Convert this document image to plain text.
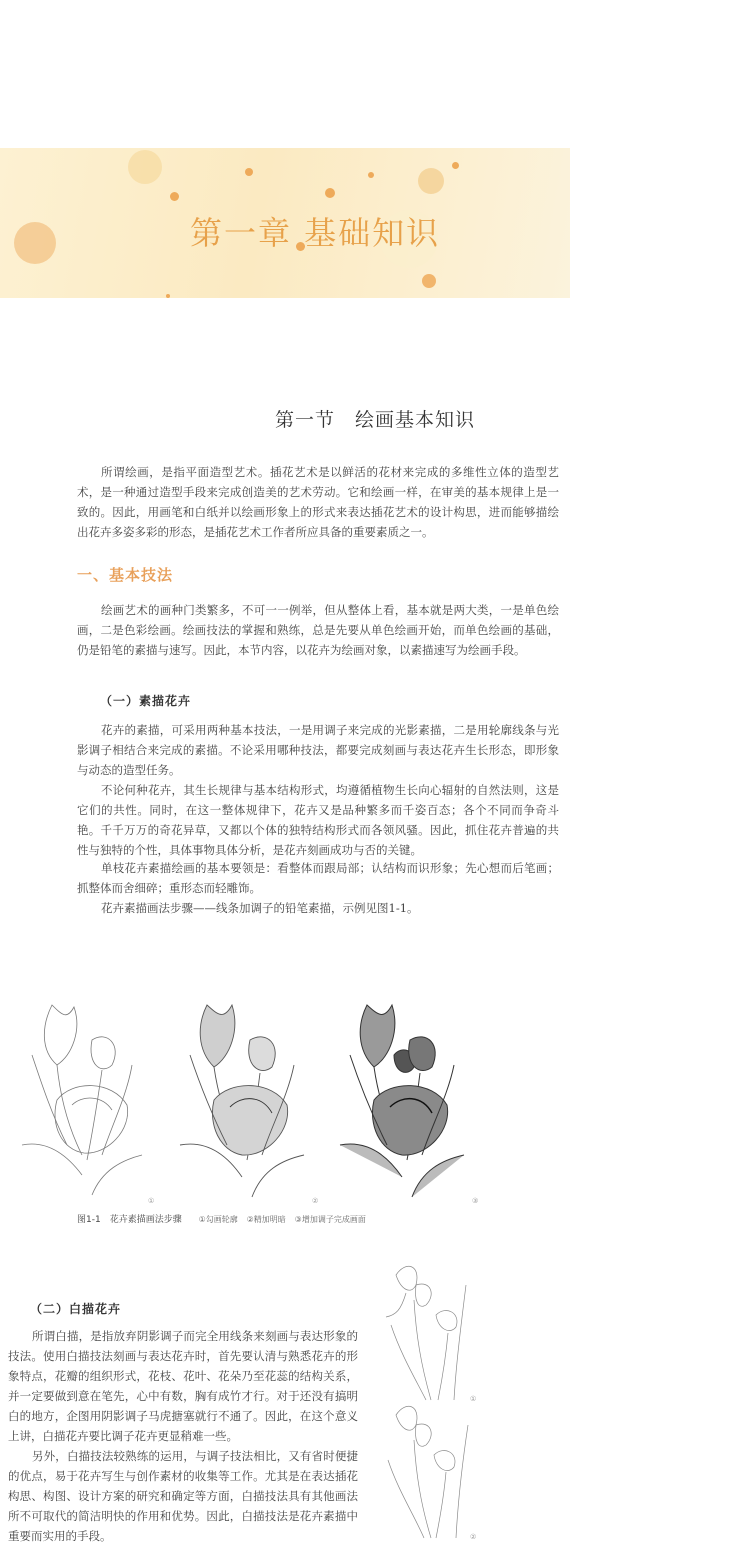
第一章 基础知识
第一节　绘画基本知识

所谓绘画，是指平面造型艺术。插花艺术是以鲜活的花材来完成的多维性立体的造型艺术，是一种通过造型手段来完成创造美的艺术劳动。它和绘画一样，在审美的基本规律上是一致的。因此，用画笔和白纸并以绘画形象上的形式来表达插花艺术的设计构思，进而能够描绘出花卉多姿多彩的形态，是插花艺术工作者所应具备的重要素质之一。

一、基本技法

绘画艺术的画种门类繁多，不可一一例举，但从整体上看，基本就是两大类，一是单色绘画，二是色彩绘画。绘画技法的掌握和熟练，总是先要从单色绘画开始，而单色绘画的基础，仍是铅笔的素描与速写。因此，本节内容，以花卉为绘画对象，以素描速写为绘画手段。

（一）素描花卉

花卉的素描，可采用两种基本技法，一是用调子来完成的光影素描，二是用轮廓线条与光影调子相结合来完成的素描。不论采用哪种技法，都要完成刻画与表达花卉生长形态，即形象与动态的造型任务。

不论何种花卉，其生长规律与基本结构形式，均遵循植物生长向心辐射的自然法则，这是它们的共性。同时，在这一整体规律下，花卉又是品种繁多而千姿百态；各个不同而争奇斗艳。千千万万的奇花异草，又都以个体的独特结构形式而各领风骚。因此，抓住花卉普遍的共性与独特的个性，具体事物具体分析，是花卉刻画成功与否的关键。

单枝花卉素描绘画的基本要领是：看整体而跟局部；认结构而识形象；先心想而后笔画；抓整体而舍细碎；重形态而轻雕饰。

花卉素描画法步骤——线条加调子的铅笔素描，示例见图1-1。

①	②	③
图1-1　花卉素描画法步骤 ①勾画轮廓 ②精加明暗 ③增加调子完成画面
（二）白描花卉

所谓白描，是指放弃阴影调子而完全用线条来刻画与表达形象的技法。使用白描技法刻画与表达花卉时，首先要认清与熟悉花卉的形象特点，花瓣的组织形式，花枝、花叶、花朵乃至花蕊的结构关系，并一定要做到意在笔先，心中有数，胸有成竹才行。对于还没有搞明白的地方，企图用阴影调子马虎搪塞就行不通了。因此，在这个意义上讲，白描花卉要比调子花卉更显稍难一些。

另外，白描技法较熟练的运用，与调子技法相比，又有省时便捷的优点，易于花卉写生与创作素材的收集等工作。尤其是在表达插花构思、构图、设计方案的研究和确定等方面，白描技法具有其他画法所不可取代的简洁明快的作用和优势。因此，白描技法是花卉素描中重要而实用的手段。

①
②
